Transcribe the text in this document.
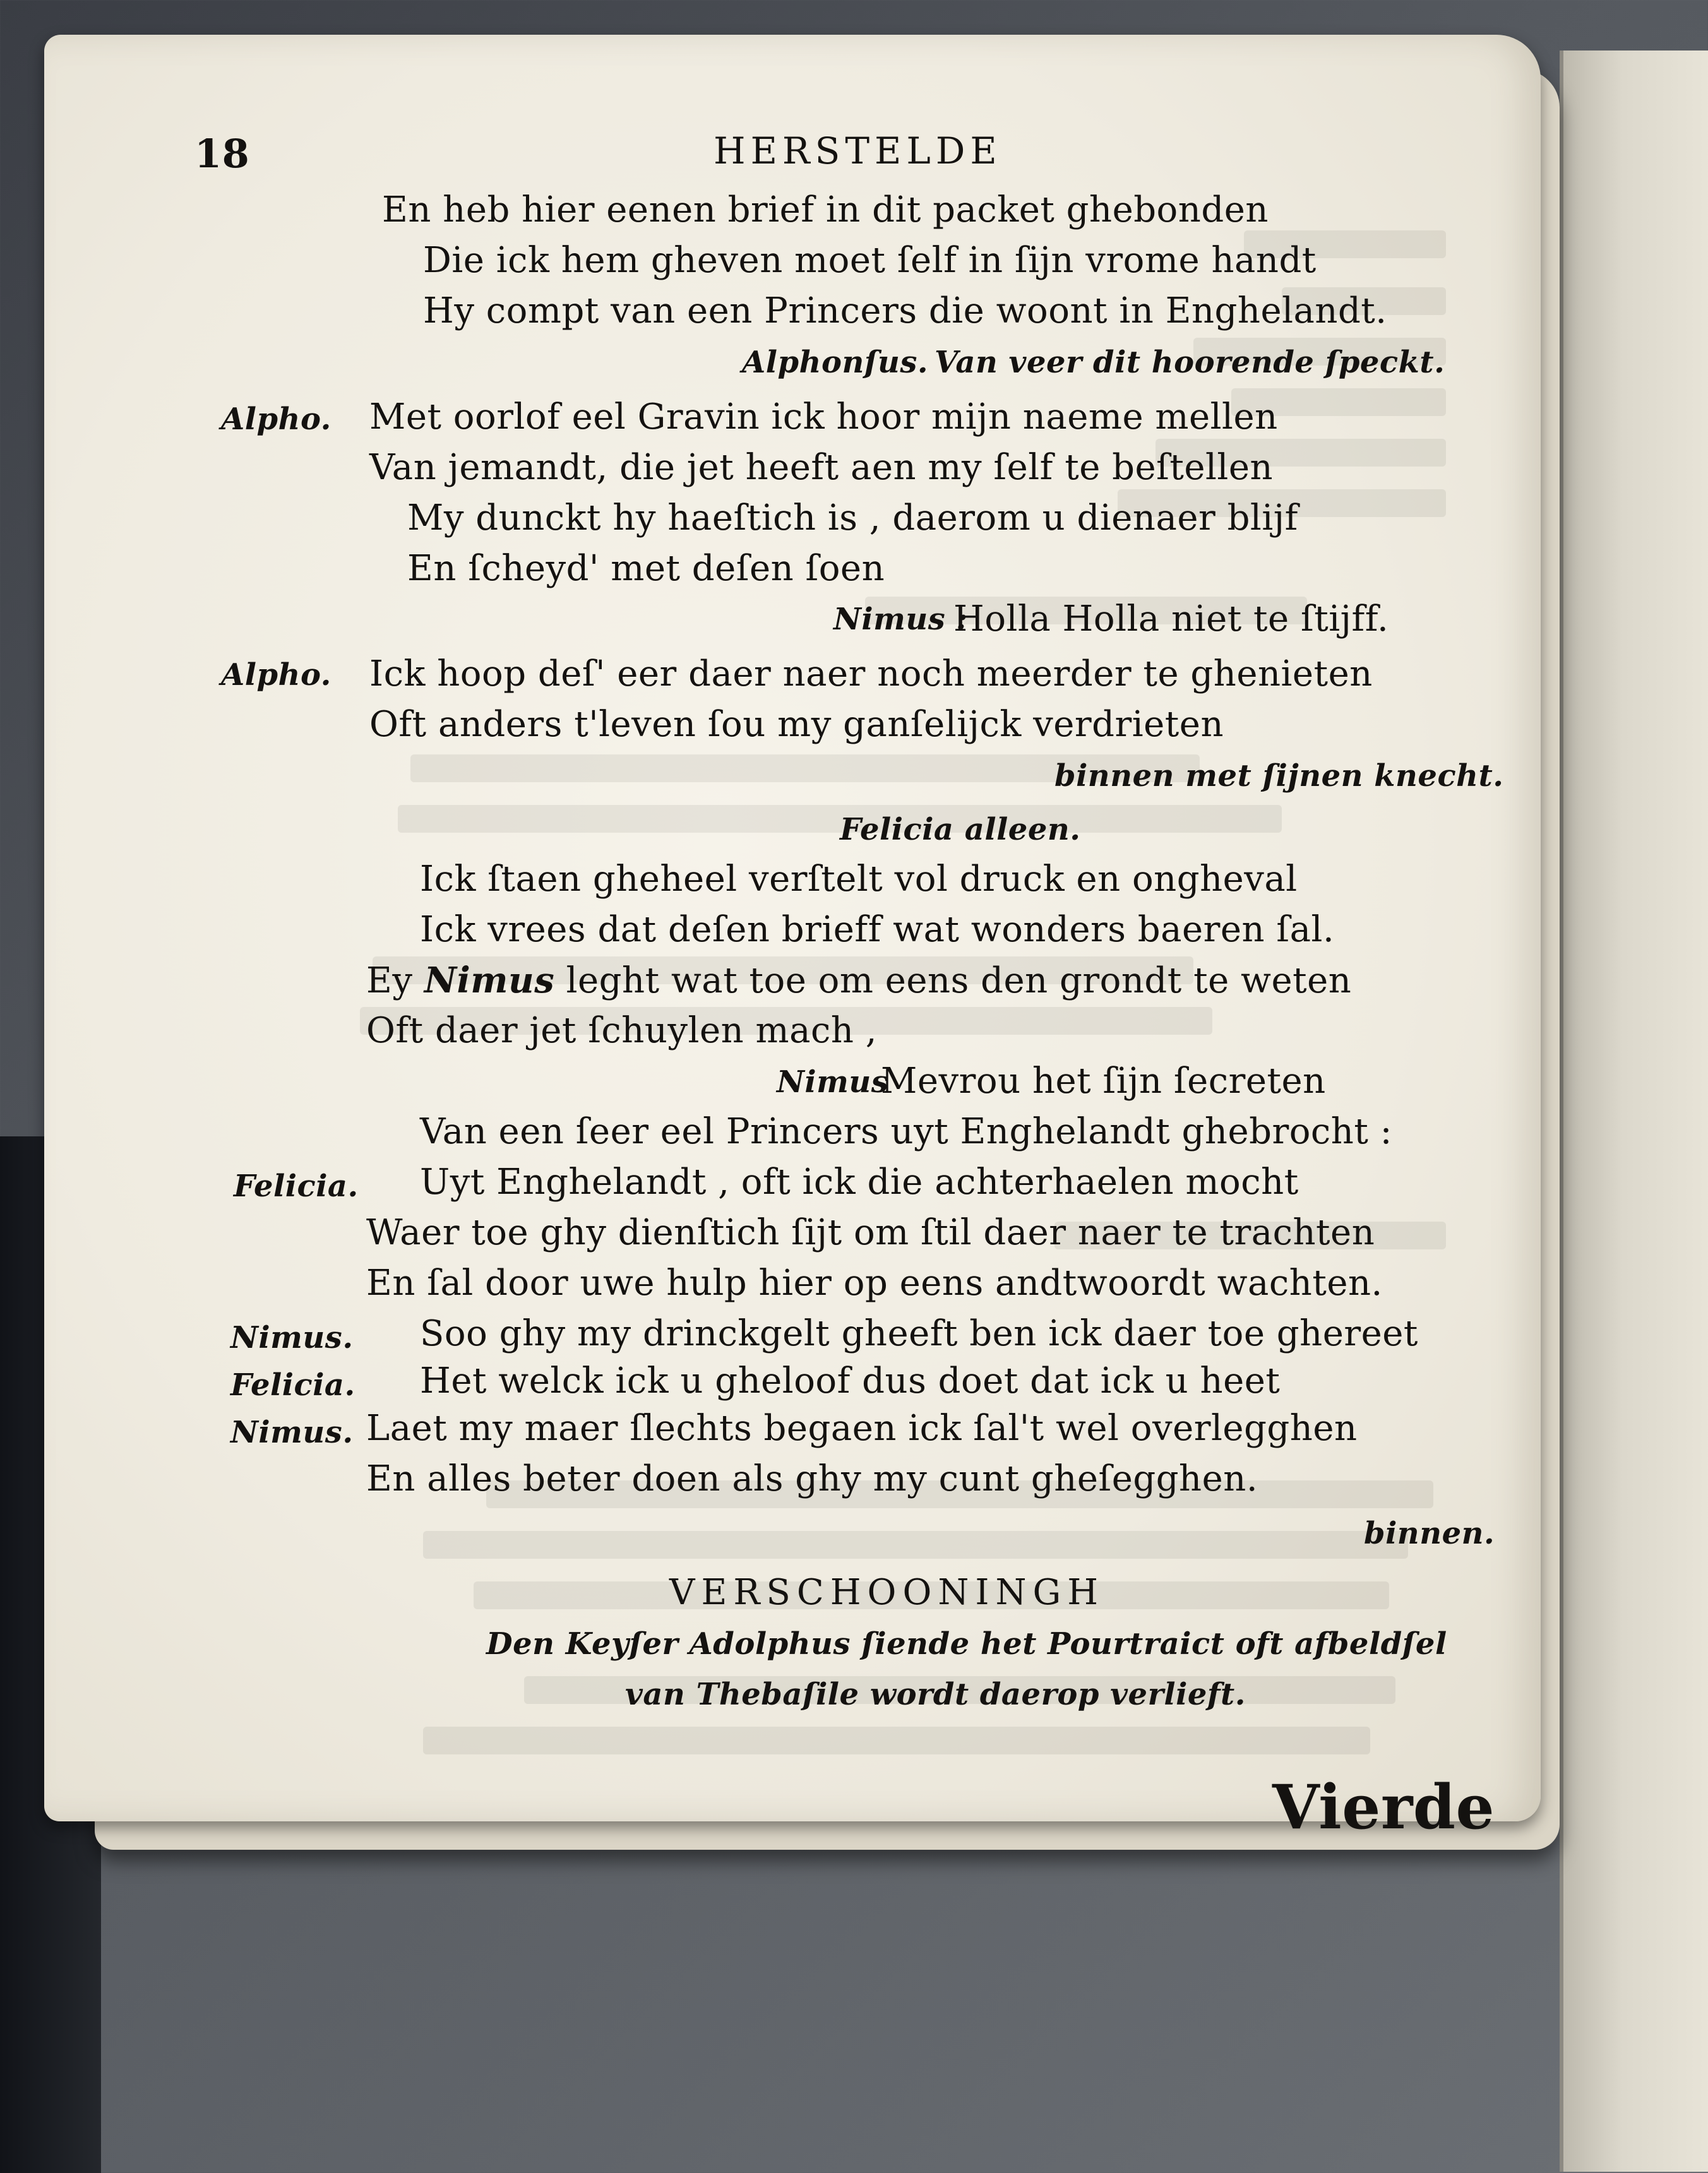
18	HERSTELDE
En heb hier eenen brief in dit packet ghebonden
Die ick hem gheven moet ſelf in ſijn vrome handt
Hy compt van een Princers die woont in Enghelandt.
Alphonſus. Van veer dit hoorende ſpeckt.
Alpho. Met oorlof eel Gravin ick hoor mijn naeme mellen
Van jemandt, die jet heeft aen my ſelf te beſtellen
My dunckt hy haeſtich is , daerom u dienaer blijf
En ſcheyd' met deſen ſoen
Nimus :
Holla Holla niet te ſtijff.
Alpho. Ick hoop deſ' eer daer naer noch meerder te ghenieten
Oft anders t'leven ſou my ganſelijck verdrieten
binnen met ſijnen knecht.
Felicia alleen.
Ick ſtaen gheheel verſtelt vol druck en ongheval
Ick vrees dat deſen brieff wat wonders baeren ſal.
Ey Nimus leght wat toe om eens den grondt te weten
Oft daer jet ſchuylen mach ,
Nimus
Mevrou het ſijn ſecreten
Van een ſeer eel Princers uyt Enghelandt ghebrocht :
Felicia. Uyt Enghelandt , oft ick die achterhaelen mocht
Waer toe ghy dienſtich ſijt om ſtil daer naer te trachten
En ſal door uwe hulp hier op eens andtwoordt wachten.
Nimus. Soo ghy my drinckgelt gheeft ben ick daer toe ghereet
Felicia. Het welck ick u gheloof dus doet dat ick u heet
Nimus. Laet my maer ſlechts begaen ick ſal't wel overlegghen
En alles beter doen als ghy my cunt gheſegghen.
binnen.
VERSCHOONINGH
Den Keyſer Adolphus ſiende het Pourtraict oft afbeldſel
van Thebaſile wordt daerop verlieft.
Vierde
